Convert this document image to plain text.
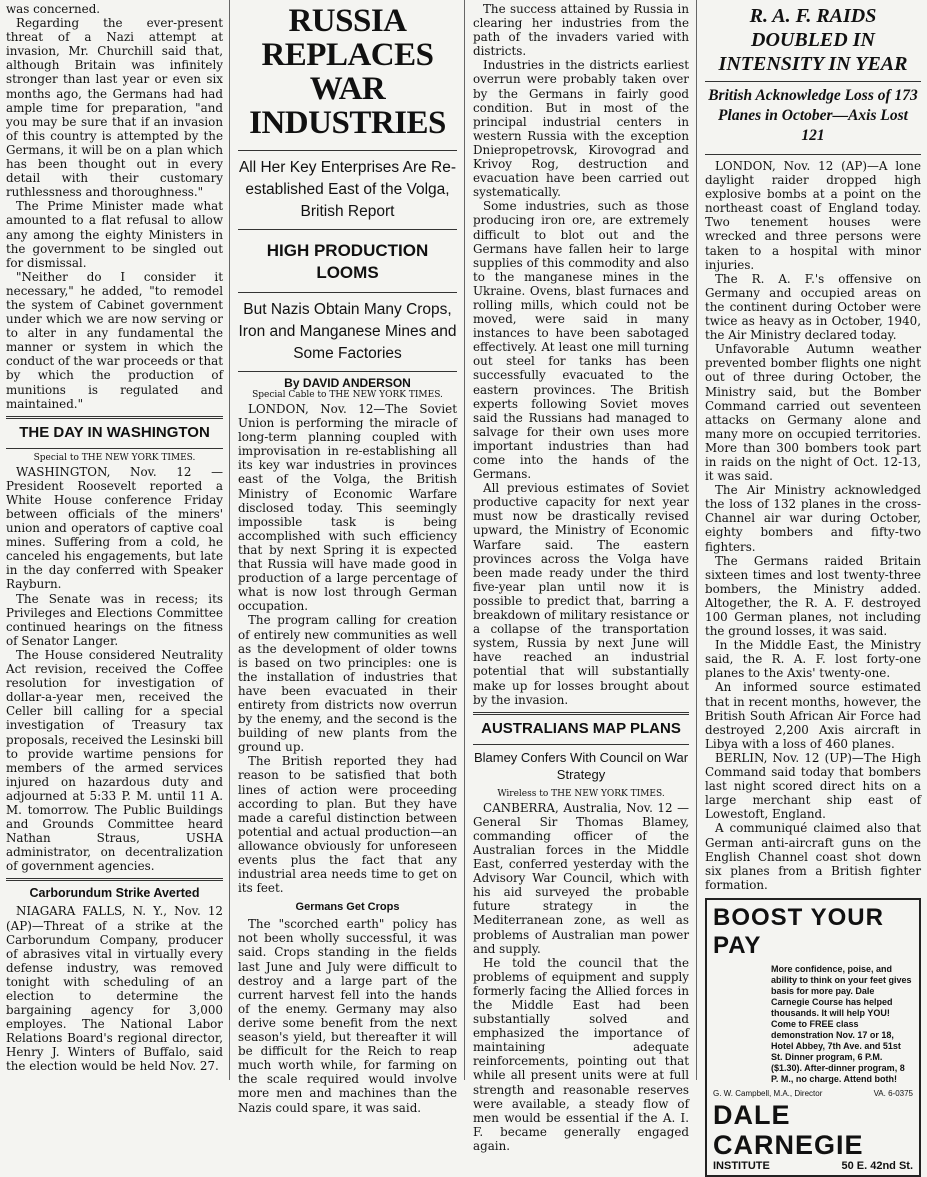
was concerned.

Regarding the ever-present threat of a Nazi attempt at invasion, Mr. Churchill said that, although Britain was infinitely stronger than last year or even six months ago, the Germans had had ample time for preparation, "and you may be sure that if an invasion of this country is attempted by the Germans, it will be on a plan which has been thought out in every detail with their customary ruthlessness and thoroughness."

The Prime Minister made what amounted to a flat refusal to allow any among the eighty Ministers in the government to be singled out for dismissal.

"Neither do I consider it necessary," he added, "to remodel the system of Cabinet government under which we are now serving or to alter in any fundamental the manner or system in which the conduct of the war proceeds or that by which the production of munitions is regulated and maintained."

THE DAY IN WASHINGTON
Special to THE NEW YORK TIMES.

WASHINGTON, Nov. 12 — President Roosevelt reported a White House conference Friday between officials of the miners' union and operators of captive coal mines. Suffering from a cold, he canceled his engagements, but late in the day conferred with Speaker Rayburn.

The Senate was in recess; its Privileges and Elections Committee continued hearings on the fitness of Senator Langer.

The House considered Neutrality Act revision, received the Coffee resolution for investigation of dollar-a-year men, received the Celler bill calling for a special investigation of Treasury tax proposals, received the Lesinski bill to provide wartime pensions for members of the armed services injured on hazardous duty and adjourned at 5:33 P. M. until 11 A. M. tomorrow. The Public Buildings and Grounds Committee heard Nathan Straus, USHA administrator, on decentralization of government agencies.

Carborundum Strike Averted

NIAGARA FALLS, N. Y., Nov. 12 (AP)—Threat of a strike at the Carborundum Company, producer of abrasives vital in virtually every defense industry, was removed tonight with scheduling of an election to determine the bargaining agency for 3,000 employes. The National Labor Relations Board's regional director, Henry J. Winters of Buffalo, said the election would be held Nov. 27.

RUSSIA REPLACES WAR INDUSTRIES
All Her Key Enterprises Are Re-established East of the Volga, British Report
HIGH PRODUCTION LOOMS
But Nazis Obtain Many Crops, Iron and Manganese Mines and Some Factories
By DAVID ANDERSON
Special Cable to THE NEW YORK TIMES.

LONDON, Nov. 12—The Soviet Union is performing the miracle of long-term planning coupled with improvisation in re-establishing all its key war industries in provinces east of the Volga, the British Ministry of Economic Warfare disclosed today. This seemingly impossible task is being accomplished with such efficiency that by next Spring it is expected that Russia will have made good in production of a large percentage of what is now lost through German occupation.

The program calling for creation of entirely new communities as well as the development of older towns is based on two principles: one is the installation of industries that have been evacuated in their entirety from districts now overrun by the enemy, and the second is the building of new plants from the ground up.

The British reported they had reason to be satisfied that both lines of action were proceeding according to plan. But they have made a careful distinction between potential and actual production—an allowance obviously for unforeseen events plus the fact that any industrial area needs time to get on its feet.

Germans Get Crops

The "scorched earth" policy has not been wholly successful, it was said. Crops standing in the fields last June and July were difficult to destroy and a large part of the current harvest fell into the hands of the enemy. Germany may also derive some benefit from the next season's yield, but thereafter it will be difficult for the Reich to reap much worth while, for farming on the scale required would involve more men and machines than the Nazis could spare, it was said.

The success attained by Russia in clearing her industries from the path of the invaders varied with districts.

Industries in the districts earliest overrun were probably taken over by the Germans in fairly good condition. But in most of the principal industrial centers in western Russia with the exception Dniepropetrovsk, Kirovograd and Krivoy Rog, destruction and evacuation have been carried out systematically.

Some industries, such as those producing iron ore, are extremely difficult to blot out and the Germans have fallen heir to large supplies of this commodity and also to the manganese mines in the Ukraine. Ovens, blast furnaces and rolling mills, which could not be moved, were said in many instances to have been sabotaged effectively. At least one mill turning out steel for tanks has been successfully evacuated to the eastern provinces. The British experts following Soviet moves said the Russians had managed to salvage for their own uses more important industries than had come into the hands of the Germans.

All previous estimates of Soviet productive capacity for next year must now be drastically revised upward, the Ministry of Economic Warfare said. The eastern provinces across the Volga have been made ready under the third five-year plan until now it is possible to predict that, barring a breakdown of military resistance or a collapse of the transportation system, Russia by next June will have reached an industrial potential that will substantially make up for losses brought about by the invasion.

AUSTRALIANS MAP PLANS
Blamey Confers With Council on War Strategy
Wireless to THE NEW YORK TIMES.

CANBERRA, Australia, Nov. 12 —General Sir Thomas Blamey, commanding officer of the Australian forces in the Middle East, conferred yesterday with the Advisory War Council, which with his aid surveyed the probable future strategy in the Mediterranean zone, as well as problems of Australian man power and supply.

He told the council that the problems of equipment and supply formerly facing the Allied forces in the Middle East had been substantially solved and emphasized the importance of maintaining adequate reinforcements, pointing out that while all present units were at full strength and reasonable reserves were available, a steady flow of men would be essential if the A. I. F. became generally engaged again.

R. A. F. RAIDS DOUBLED IN INTENSITY IN YEAR
British Acknowledge Loss of 173 Planes in October—Axis Lost 121

LONDON, Nov. 12 (AP)—A lone daylight raider dropped high explosive bombs at a point on the northeast coast of England today. Two tenement houses were wrecked and three persons were taken to a hospital with minor injuries.

The R. A. F.'s offensive on Germany and occupied areas on the continent during October were twice as heavy as in October, 1940, the Air Ministry declared today.

Unfavorable Autumn weather prevented bomber flights one night out of three during October, the Ministry said, but the Bomber Command carried out seventeen attacks on Germany alone and many more on occupied territories. More than 300 bombers took part in raids on the night of Oct. 12-13, it was said.

The Air Ministry acknowledged the loss of 132 planes in the cross-Channel air war during October, eighty bombers and fifty-two fighters.

The Germans raided Britain sixteen times and lost twenty-three bombers, the Ministry added. Altogether, the R. A. F. destroyed 100 German planes, not including the ground losses, it was said.

In the Middle East, the Ministry said, the R. A. F. lost forty-one planes to the Axis' twenty-one.

An informed source estimated that in recent months, however, the British South African Air Force had destroyed 2,200 Axis aircraft in Libya with a loss of 460 planes.

BERLIN, Nov. 12 (UP)—The High Command said today that bombers last night scored direct hits on a large merchant ship east of Lowestoft, England.

A communiqué claimed also that German anti-aircraft guns on the English Channel coast shot down six planes from a British fighter formation.

BOOST YOUR PAY
More confidence, poise, and ability to think on your feet gives basis for more pay. Dale Carnegie Course has helped thousands. It will help YOU! Come to FREE class demonstration Nov. 17 or 18, Hotel Abbey, 7th Ave. and 51st St. Dinner program, 6 P.M. ($1.30). After-dinner program, 8 P. M., no charge. Attend both!
G. W. Campbell, M.A., Director	VA. 6-0375
DALE CARNEGIE
INSTITUTE	50 E. 42nd St.
